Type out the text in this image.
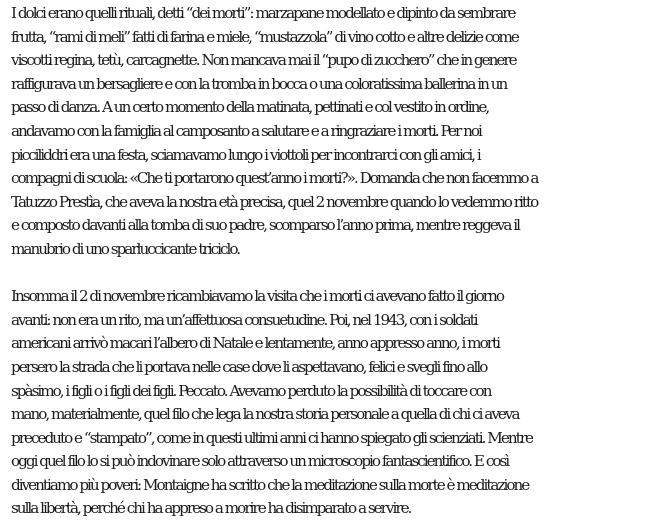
I dolci erano quelli rituali, detti “dei morti”: marzapane modellato e dipinto da sembrare
frutta, “rami di meli” fatti di farina e miele, “mustazzola” di vino cotto e altre delizie come
viscotti regina, tetù, carcagnette. Non mancava mai il “pupo di zucchero” che in genere
raffigurava un bersagliere e con la tromba in bocca o una coloratissima ballerina in un
passo di danza. A un certo momento della matinata, pettinati e col vestito in ordine,
andavamo con la famiglia al camposanto a salutare e a ringraziare i morti. Per noi
picciliddri era una festa, sciamavamo lungo i viottoli per incontrarci con gli amici, i
compagni di scuola: «Che ti portarono quest’anno i morti?». Domanda che non facemmo a
Tatuzzo Prestìa, che aveva la nostra età precisa, quel 2 novembre quando lo vedemmo ritto
e composto davanti alla tomba di suo padre, scomparso l’anno prima, mentre reggeva il
manubrio di uno sparluccicante triciclo.

Insomma il 2 di novembre ricambiavamo la visita che i morti ci avevano fatto il giorno
avanti: non era un rito, ma un’affettuosa consuetudine. Poi, nel 1943, con i soldati
americani arrivò macari l’albero di Natale e lentamente, anno appresso anno, i morti
persero la strada che li portava nelle case dove li aspettavano, felici e svegli fino allo
spàsimo, i figli o i figli dei figli. Peccato. Avevamo perduto la possibilità di toccare con
mano, materialmente, quel filo che lega la nostra storia personale a quella di chi ci aveva
preceduto e “stampato”, come in questi ultimi anni ci hanno spiegato gli scienziati. Mentre
oggi quel filo lo si può indovinare solo attraverso un microscopio fantascientifico. E così
diventiamo più poveri: Montaigne ha scritto che la meditazione sulla morte è meditazione
sulla libertà, perché chi ha appreso a morire ha disimparato a servire.
